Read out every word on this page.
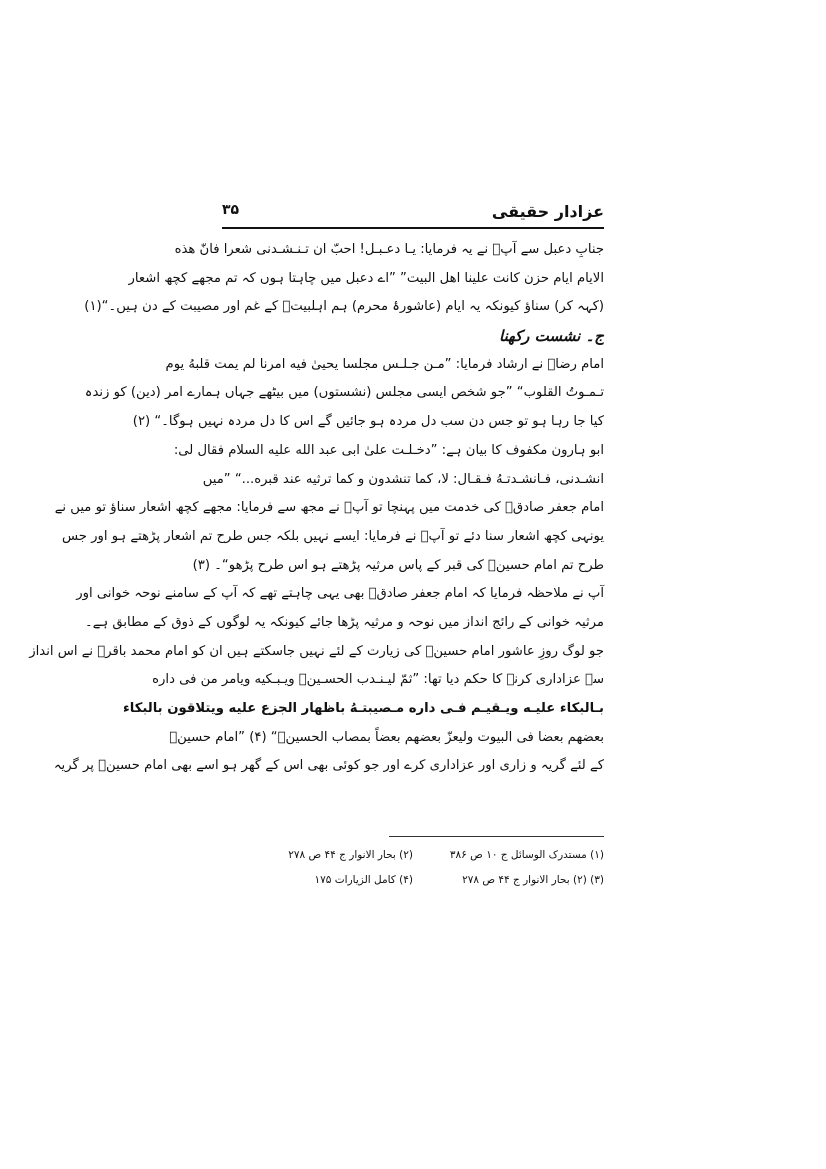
عزادار حقیقی
۳۵
جنابِ دعبل سے آپؑ نے یہ فرمایا: یـا دعـبـل! احبّ ان تـنـشـدنی شعرا فانّ هذه
الایام ایام حزن کانت علینا اهل البیت” ”اے دعبل میں چاہتا ہوں کہ تم مجھے کچھ اشعار
(کہہ کر) سناؤ کیونکہ یہ ایام (عاشورۂ محرم) ہم اہلبیتؑ کے غم اور مصیبت کے دن ہیں۔“(۱)
ج۔ نشست رکھنا
امام رضاؑ نے ارشاد فرمایا: ”مـن جـلـس مجلسا یحییٰ فیه امرنا لم یمت قلبهُ یوم
تـمـوتُ القلوب“ ”جو شخص ایسی مجلس (نشستوں) میں بیٹھے جہاں ہمارے امر (دین) کو زندہ
کیا جا رہا ہو تو جس دن سب دل مردہ ہو جائیں گے اس کا دل مردہ نہیں ہوگا۔“ (۲)
ابو ہارون مکفوف کا بیان ہے: ”دخـلـت علیٰ ابی عبد الله علیه السلام فقال لی:
انشـدنی، فـانشـدتـهُ فـقـال: لا، کما تنشدون و کما ترثیه عند قبره...“ ”میں
امام جعفر صادقؑ کی خدمت میں پہنچا تو آپؑ نے مجھ سے فرمایا: مجھے کچھ اشعار سناؤ تو میں نے
یونہی کچھ اشعار سنا دئے تو آپؑ نے فرمایا: ایسے نہیں بلکہ جس طرح تم اشعار پڑھتے ہو اور جس
طرح تم امام حسینؑ کی قبر کے پاس مرثیہ پڑھتے ہو اس طرح پڑھو“۔ (۳)
آپ نے ملاحظہ فرمایا کہ امام جعفر صادقؑ بھی یہی چاہتے تھے کہ آپ کے سامنے نوحہ خوانی اور
مرثیہ خوانی کے رائج انداز میں نوحہ و مرثیہ پڑھا جائے کیونکہ یہ لوگوں کے ذوق کے مطابق ہے۔
جو لوگ روزِ عاشور امام حسینؑ کی زیارت کے لئے نہیں جاسکتے ہیں ان کو امام محمد باقرؑ نے اس انداز
سے عزاداری کرنے کا حکم دیا تھا: ”ثمّ لیـنـدب الحسـینؑ ویـبـکیه ویامر من فی داره
بـالبکاء علیـه ویـقیـم فـی داره مـصیبتـهُ باظهار الجزع علیه ویتلاقون بالبکاء
بعضهم بعضا فی البیوت ولیعزّ بعضهم بعضاً بمصاب الحسینؑ“ (۴) ”امام حسینؑ
کے لئے گریہ و زاری اور عزاداری کرے اور جو کوئی بھی اس کے گھر ہو اسے بھی امام حسینؑ پر گریہ
(۱) مستدرک الوسائل ج ۱۰ ص ۳۸۶
(۲) بحار الانوار ج ۴۴ ص ۲۷۸
(۳) (۲) بحار الانوار ج ۴۴ ص ۲۷۸
(۴) کامل الزیارات ۱۷۵
